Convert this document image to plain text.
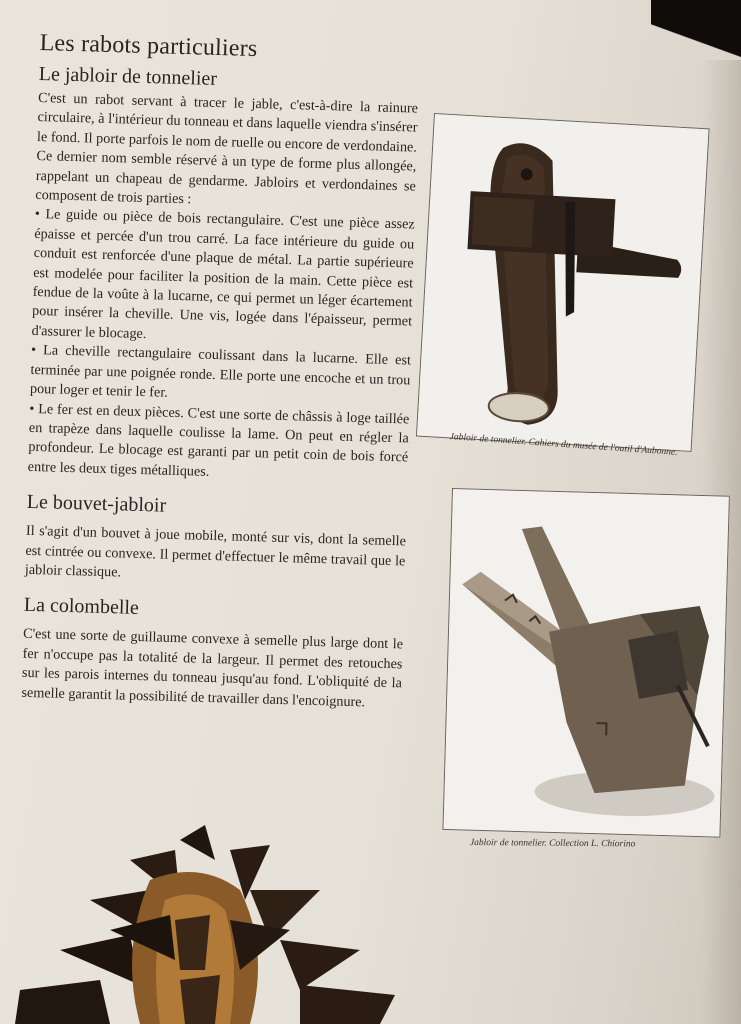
Les rabots particuliers
Le jabloir de tonnelier

C'est un rabot servant à tracer le jable, c'est-à-dire la rainure circulaire, à l'intérieur du tonneau et dans laquelle viendra s'insérer le fond. Il porte parfois le nom de ruelle ou encore de verdondaine. Ce dernier nom semble réservé à un type de forme plus allongée, rappelant un chapeau de gendarme. Jabloirs et verdondaines se composent de trois parties :

• Le guide ou pièce de bois rectangulaire. C'est une pièce assez épaisse et percée d'un trou carré. La face intérieure du guide ou conduit est renforcée d'une plaque de métal. La partie supérieure est modelée pour faciliter la position de la main. Cette pièce est fendue de la voûte à la lucarne, ce qui permet un léger écartement pour insérer la cheville. Une vis, logée dans l'épaisseur, permet d'assurer le blocage.

• La cheville rectangulaire coulissant dans la lucarne. Elle est terminée par une poignée ronde. Elle porte une encoche et un trou pour loger et tenir le fer.

• Le fer est en deux pièces. C'est une sorte de châssis à loge taillée en trapèze dans laquelle coulisse la lame. On peut en régler la profondeur. Le blocage est garanti par un petit coin de bois forcé entre les deux tiges métalliques.

Le bouvet-jabloir

Il s'agit d'un bouvet à joue mobile, monté sur vis, dont la semelle est cintrée ou convexe. Il permet d'effectuer le même travail que le jabloir classique.

La colombelle

C'est une sorte de guillaume convexe à semelle plus large dont le fer n'occupe pas la totalité de la largeur. Il permet des retouches sur les parois internes du tonneau jusqu'au fond. L'obliquité de la semelle garantit la possibilité de travailler dans l'encoignure.

Jabloir de tonnelier. Cahiers du musée de l'outil d'Aubonne.
Jabloir de tonnelier. Collection L. Chiorino
